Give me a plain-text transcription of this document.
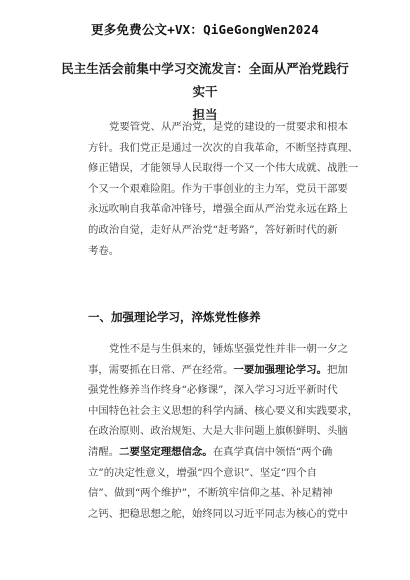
更多免费公文+VX：QiGeGongWen2024
民主生活会前集中学习交流发言：全面从严治党践行实干
担当
党要管党、从严治党，是党的建设的一贯要求和根本
方针。我们党正是通过一次次的自我革命，不断坚持真理、
修正错误，才能领导人民取得一个又一个伟大成就、战胜一
个又一个艰难险阻。作为干事创业的主力军，党员干部要
永远吹响自我革命冲锋号，增强全面从严治党永远在路上
的政治自觉，走好从严治党“赶考路”，答好新时代的新
考卷。
一、加强理论学习，淬炼党性修养
党性不是与生俱来的，锤炼坚强党性并非一朝一夕之
事，需要抓在日常、严在经常。一要加强理论学习。把加
强党性修养当作终身“必修课”，深入学习习近平新时代
中国特色社会主义思想的科学内涵、核心要义和实践要求，
在政治原则、政治规矩、大是大非问题上旗帜鲜明、头脑
清醒。二要坚定理想信念。在真学真信中领悟“两个确
立”的决定性意义，增强“四个意识”、坚定“四个自
信”、做到“两个维护”，不断筑牢信仰之基、补足精神
之钙、把稳思想之舵，始终同以习近平同志为核心的党中
